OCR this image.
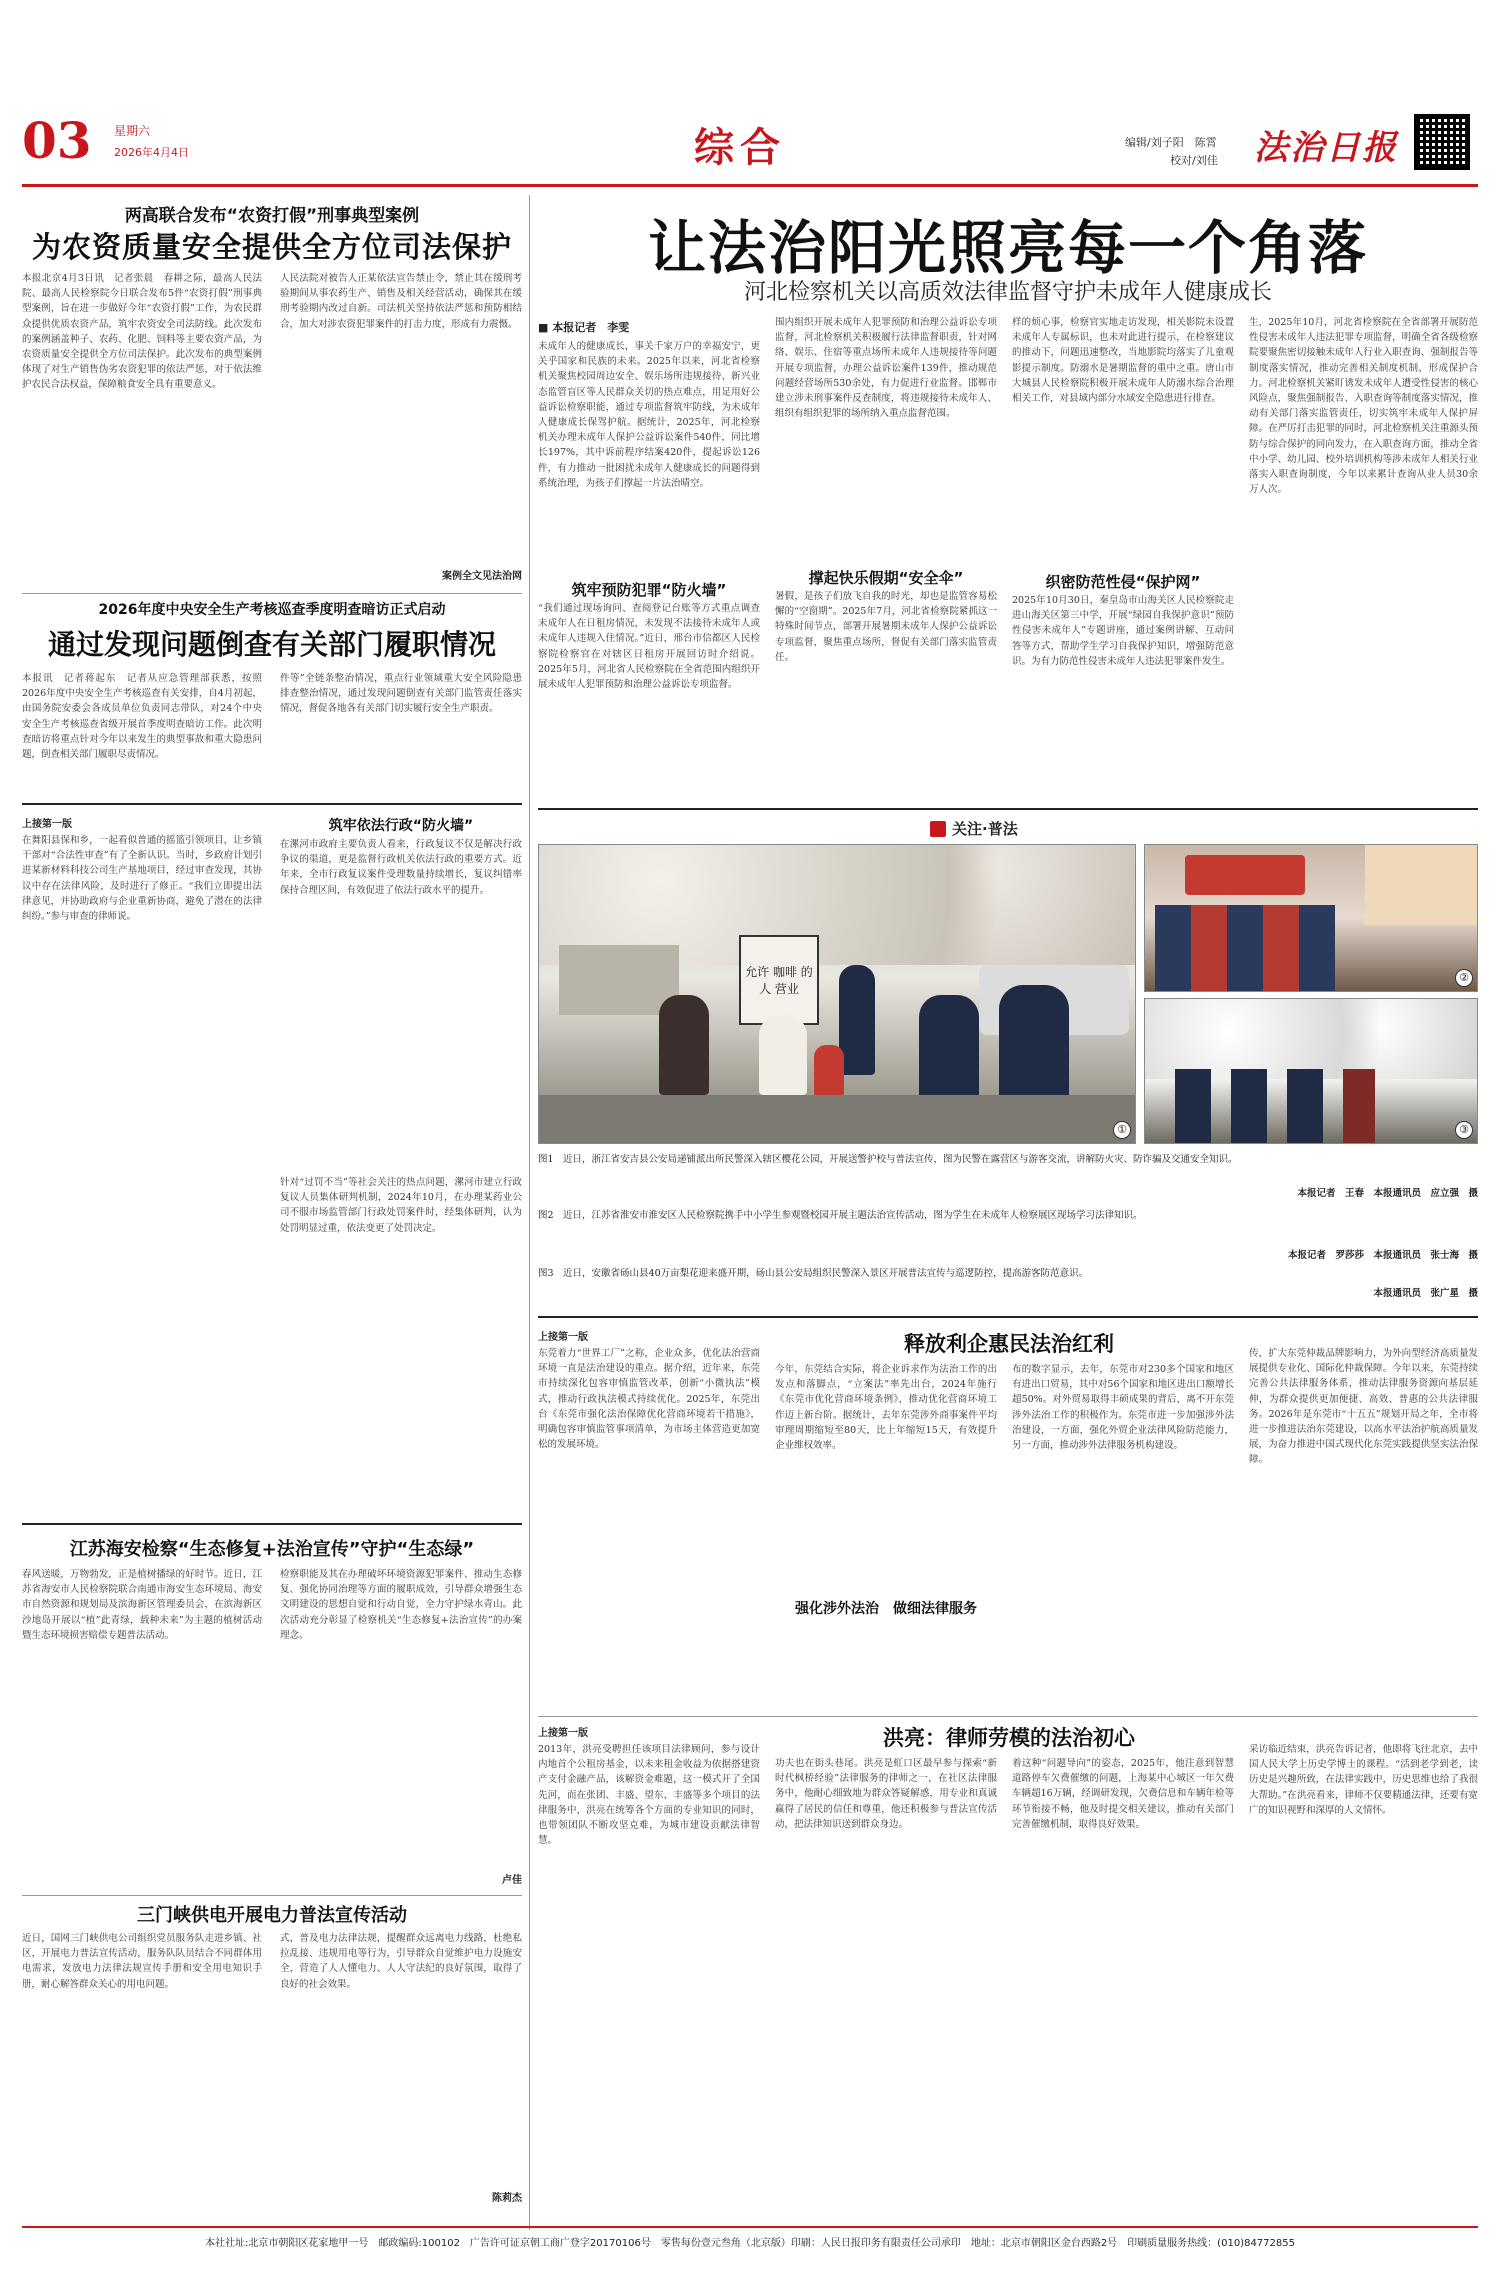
03 星期六
2026年4月4日	综合	编辑/刘子阳　陈霄
校对/刘佳 法治日报
两高联合发布“农资打假”刑事典型案例
为农资质量安全提供全方位司法保护
本报北京4月3日讯　记者张晨　春耕之际，最高人民法院、最高人民检察院今日联合发布5件“农资打假”刑事典型案例，旨在进一步做好今年“农资打假”工作，为农民群众提供优质农资产品，筑牢农资安全司法防线。此次发布的案例涵盖种子、农药、化肥、饲料等主要农资产品，为农资质量安全提供全方位司法保护。此次发布的典型案例体现了对生产销售伪劣农资犯罪的依法严惩，对于依法维护农民合法权益，保障粮食安全具有重要意义。
人民法院对被告人正某依法宣告禁止令，禁止其在缓刑考验期间从事农药生产、销售及相关经营活动，确保其在缓刑考验期内改过自新。司法机关坚持依法严惩和预防相结合，加大对涉农资犯罪案件的打击力度，形成有力震慑。
案例全文见法治网
2026年度中央安全生产考核巡查季度明查暗访正式启动
通过发现问题倒查有关部门履职情况
本报讯　记者蒋起东　记者从应急管理部获悉，按照2026年度中央安全生产考核巡查有关安排，自4月初起，由国务院安委会各成员单位负责同志带队，对24个中央安全生产考核巡查省级开展首季度明查暗访工作。此次明查暗访将重点针对今年以来发生的典型事故和重大隐患问题，倒查相关部门履职尽责情况。
件等”全链条整治情况，重点行业领域重大安全风险隐患排查整治情况，通过发现问题倒查有关部门监管责任落实情况，督促各地各有关部门切实履行安全生产职责。
上接第一版
在舞阳县保和乡，一起看似普通的摇篮引领项目，让乡镇干部对“合法性审查”有了全新认识。当时，乡政府计划引进某新材料科技公司生产基地项目，经过审查发现，其协议中存在法律风险，及时进行了修正。“我们立即提出法律意见，并协助政府与企业重新协商，避免了潜在的法律纠纷。”参与审查的律师说。
筑牢依法行政“防火墙”
在漯河市政府主要负责人看来，行政复议不仅是解决行政争议的渠道，更是监督行政机关依法行政的重要方式。近年来，全市行政复议案件受理数量持续增长，复议纠错率保持合理区间，有效促进了依法行政水平的提升。
针对“过罚不当”等社会关注的热点问题，漯河市建立行政复议人员集体研判机制，2024年10月，在办理某药业公司不服市场监管部门行政处罚案件时，经集体研判，认为处罚明显过重，依法变更了处罚决定。
江苏海安检察“生态修复+法治宣传”守护“生态绿”
春风送暖，万物勃发，正是植树播绿的好时节。近日，江苏省海安市人民检察院联合南通市海安生态环境局、海安市自然资源和规划局及滨海新区管理委员会，在滨海新区沙地岛开展以“植”此青绿，载种未来”为主题的植树活动暨生态环境损害赔偿专题普法活动。
检察职能及其在办理破坏环境资源犯罪案件、推动生态修复、强化协同治理等方面的履职成效，引导群众增强生态文明建设的思想自觉和行动自觉，全力守护绿水青山。此次活动充分彰显了检察机关“生态修复+法治宣传”的办案理念。
卢佳
三门峡供电开展电力普法宣传活动
近日，国网三门峡供电公司组织党员服务队走进乡镇、社区，开展电力普法宣传活动，服务队队员结合不同群体用电需求，发放电力法律法规宣传手册和安全用电知识手册，耐心解答群众关心的用电问题。
式，普及电力法律法规，提醒群众远离电力线路，杜绝私拉乱接、违规用电等行为，引导群众自觉维护电力设施安全，营造了人人懂电力、人人守法纪的良好氛围，取得了良好的社会效果。
陈莉杰
让法治阳光照亮每一个角落
河北检察机关以高质效法律监督守护未成年人健康成长
■ 本报记者　李雯
未成年人的健康成长，事关千家万户的幸福安宁，更关乎国家和民族的未来。2025年以来，河北省检察机关聚焦校园周边安全、娱乐场所违规接待、新兴业态监管盲区等人民群众关切的热点难点，用足用好公益诉讼检察职能，通过专项监督筑牢防线，为未成年人健康成长保驾护航。据统计，2025年，河北检察机关办理未成年人保护公益诉讼案件540件，同比增长197%，其中诉前程序结案420件，提起诉讼126件，有力推动一批困扰未成年人健康成长的问题得到系统治理，为孩子们撑起一片法治晴空。
筑牢预防犯罪“防火墙”
“我们通过现场询问、查阅登记台账等方式重点调查未成年人在日租房情况，未发现不法接待未成年人或未成年人违规入住情况。”近日，邢台市信都区人民检察院检察官在对辖区日租房开展回访时介绍说。2025年5月，河北省人民检察院在全省范围内组织开展未成年人犯罪预防和治理公益诉讼专项监督。
围内组织开展未成年人犯罪预防和治理公益诉讼专项监督，河北检察机关积极履行法律监督职责，针对网络、娱乐、住宿等重点场所未成年人违规接待等问题开展专项监督，办理公益诉讼案件139件，推动规范问题经营场所530余处，有力促进行业监督。邯郸市建立涉未刑事案件反查制度，将违规接待未成年人、组织有组织犯罪的场所纳入重点监督范围。
撑起快乐假期“安全伞”
暑假，是孩子们放飞自我的时光，却也是监管容易松懈的“空窗期”。2025年7月，河北省检察院紧抓这一特殊时间节点，部署开展暑期未成年人保护公益诉讼专项监督，聚焦重点场所，督促有关部门落实监管责任。
样的烦心事，检察官实地走访发现，相关影院未设置未成年人专属标识，也未对此进行提示，在检察建议的推动下，问题迅速整改，当地影院均落实了儿童观影提示制度。防溺水是暑期监督的重中之重。唐山市大城县人民检察院积极开展未成年人防溺水综合治理相关工作，对县域内部分水域安全隐患进行排查。
织密防范性侵“保护网”
2025年10月30日，秦皇岛市山海关区人民检察院走进山海关区第三中学，开展“绿园自我保护意识”预防性侵害未成年人”专题讲座，通过案例讲解、互动问答等方式，帮助学生学习自我保护知识，增强防范意识。为有力防范性侵害未成年人违法犯罪案件发生。
生，2025年10月，河北省检察院在全省部署开展防范性侵害未成年人违法犯罪专项监督，明确全省各级检察院要聚焦密切接触未成年人行业入职查询、强制报告等制度落实情况，推动完善相关制度机制，形成保护合力。河北检察机关紧盯诱发未成年人遭受性侵害的核心风险点，聚焦强制报告、入职查询等制度落实情况，推动有关部门落实监管责任，切实筑牢未成年人保护屏障。在严厉打击犯罪的同时，河北检察机关注重源头预防与综合保护的同向发力，在入职查询方面，推动全省中小学、幼儿园、校外培训机构等涉未成年人相关行业落实入职查询制度，今年以来累计查询从业人员30余万人次。
关注·普法
允许 咖啡 的人 营业
①
②
③
图1　近日，浙江省安吉县公安局递铺派出所民警深入辖区樱花公园，开展送警护校与普法宣传，图为民警在露营区与游客交流，讲解防火灾、防诈骗及交通安全知识。
本报记者　王春　本报通讯员　应立强　摄
图2　近日，江苏省淮安市淮安区人民检察院携手中小学生参观暨校园开展主题法治宣传活动，图为学生在未成年人检察展区现场学习法律知识。
本报记者　罗莎莎　本报通讯员　张士海　摄
图3　近日，安徽省砀山县40万亩梨花迎来盛开期，砀山县公安局组织民警深入景区开展普法宣传与巡逻防控，提高游客防范意识。
本报通讯员　张广星　摄
上接第一版	释放利企惠民法治红利
东莞着力“世界工厂”之称，企业众多，优化法治营商环境一直是法治建设的重点。据介绍，近年来，东莞市持续深化包容审慎监管改革，创新“小微执法”模式，推动行政执法模式持续优化。2025年，东莞出台《东莞市强化法治保障优化营商环境若干措施》，明确包容审慎监管事项清单，为市场主体营造更加宽松的发展环境。
今年，东莞结合实际，将企业诉求作为法治工作的出发点和落脚点，“立案法”率先出台，2024年施行《东莞市优化营商环境条例》，推动优化营商环境工作迈上新台阶。据统计，去年东莞涉外商事案件平均审理周期缩短至80天，比上年缩短15天，有效提升企业维权效率。
强化涉外法治　做细法律服务
布的数字显示，去年，东莞市对230多个国家和地区有进出口贸易，其中对56个国家和地区进出口额增长超50%。对外贸易取得丰硕成果的背后，离不开东莞涉外法治工作的积极作为。东莞市进一步加强涉外法治建设，一方面，强化外贸企业法律风险防范能力，另一方面，推动涉外法律服务机构建设。
传，扩大东莞仲裁品牌影响力，为外向型经济高质量发展提供专业化、国际化仲裁保障。今年以来，东莞持续完善公共法律服务体系，推动法律服务资源向基层延伸，为群众提供更加便捷、高效、普惠的公共法律服务。2026年是东莞市“十五五”规划开局之年，全市将进一步推进法治东莞建设，以高水平法治护航高质量发展，为奋力推进中国式现代化东莞实践提供坚实法治保障。
上接第一版	洪亮：律师劳模的法治初心
2013年，洪亮受聘担任该项目法律顾问，参与设计内地首个公租房基金，以未来租金收益为依据搭建资产支付金融产品，该解资金难题，这一模式开了全国先河，而在张团、丰盛、望东、丰盛等多个项目的法律服务中，洪亮在统筹各个方面的专业知识的同时，也带领团队不断攻坚克难，为城市建设贡献法律智慧。
功夫也在街头巷尾。洪亮是虹口区最早参与探索“新时代枫桥经验”法律服务的律师之一，在社区法律服务中，他耐心细致地为群众答疑解惑，用专业和真诚赢得了居民的信任和尊重，他还积极参与普法宣传活动，把法律知识送到群众身边。
着这种“问题导向”的姿态，2025年，他注意到智慧道路停车欠费催缴的问题，上海某中心城区一年欠费车辆超16万辆，经调研发现，欠费信息和车辆年检等环节衔接不畅，他及时提交相关建议，推动有关部门完善催缴机制，取得良好效果。
采访临近结束，洪亮告诉记者，他即将飞往北京，去中国人民大学上历史学博士的课程。“活到老学到老，读历史是兴趣所致，在法律实践中，历史思维也给了我很大帮助。”在洪亮看来，律师不仅要精通法律，还要有宽广的知识视野和深厚的人文情怀。
本社社址:北京市朝阳区花家地甲一号　邮政编码:100102　广告许可证京朝工商广登字20170106号　零售每份壹元叁角（北京版）印刷：人民日报印务有限责任公司承印　地址：北京市朝阳区金台西路2号　印刷质量服务热线：(010)84772855
